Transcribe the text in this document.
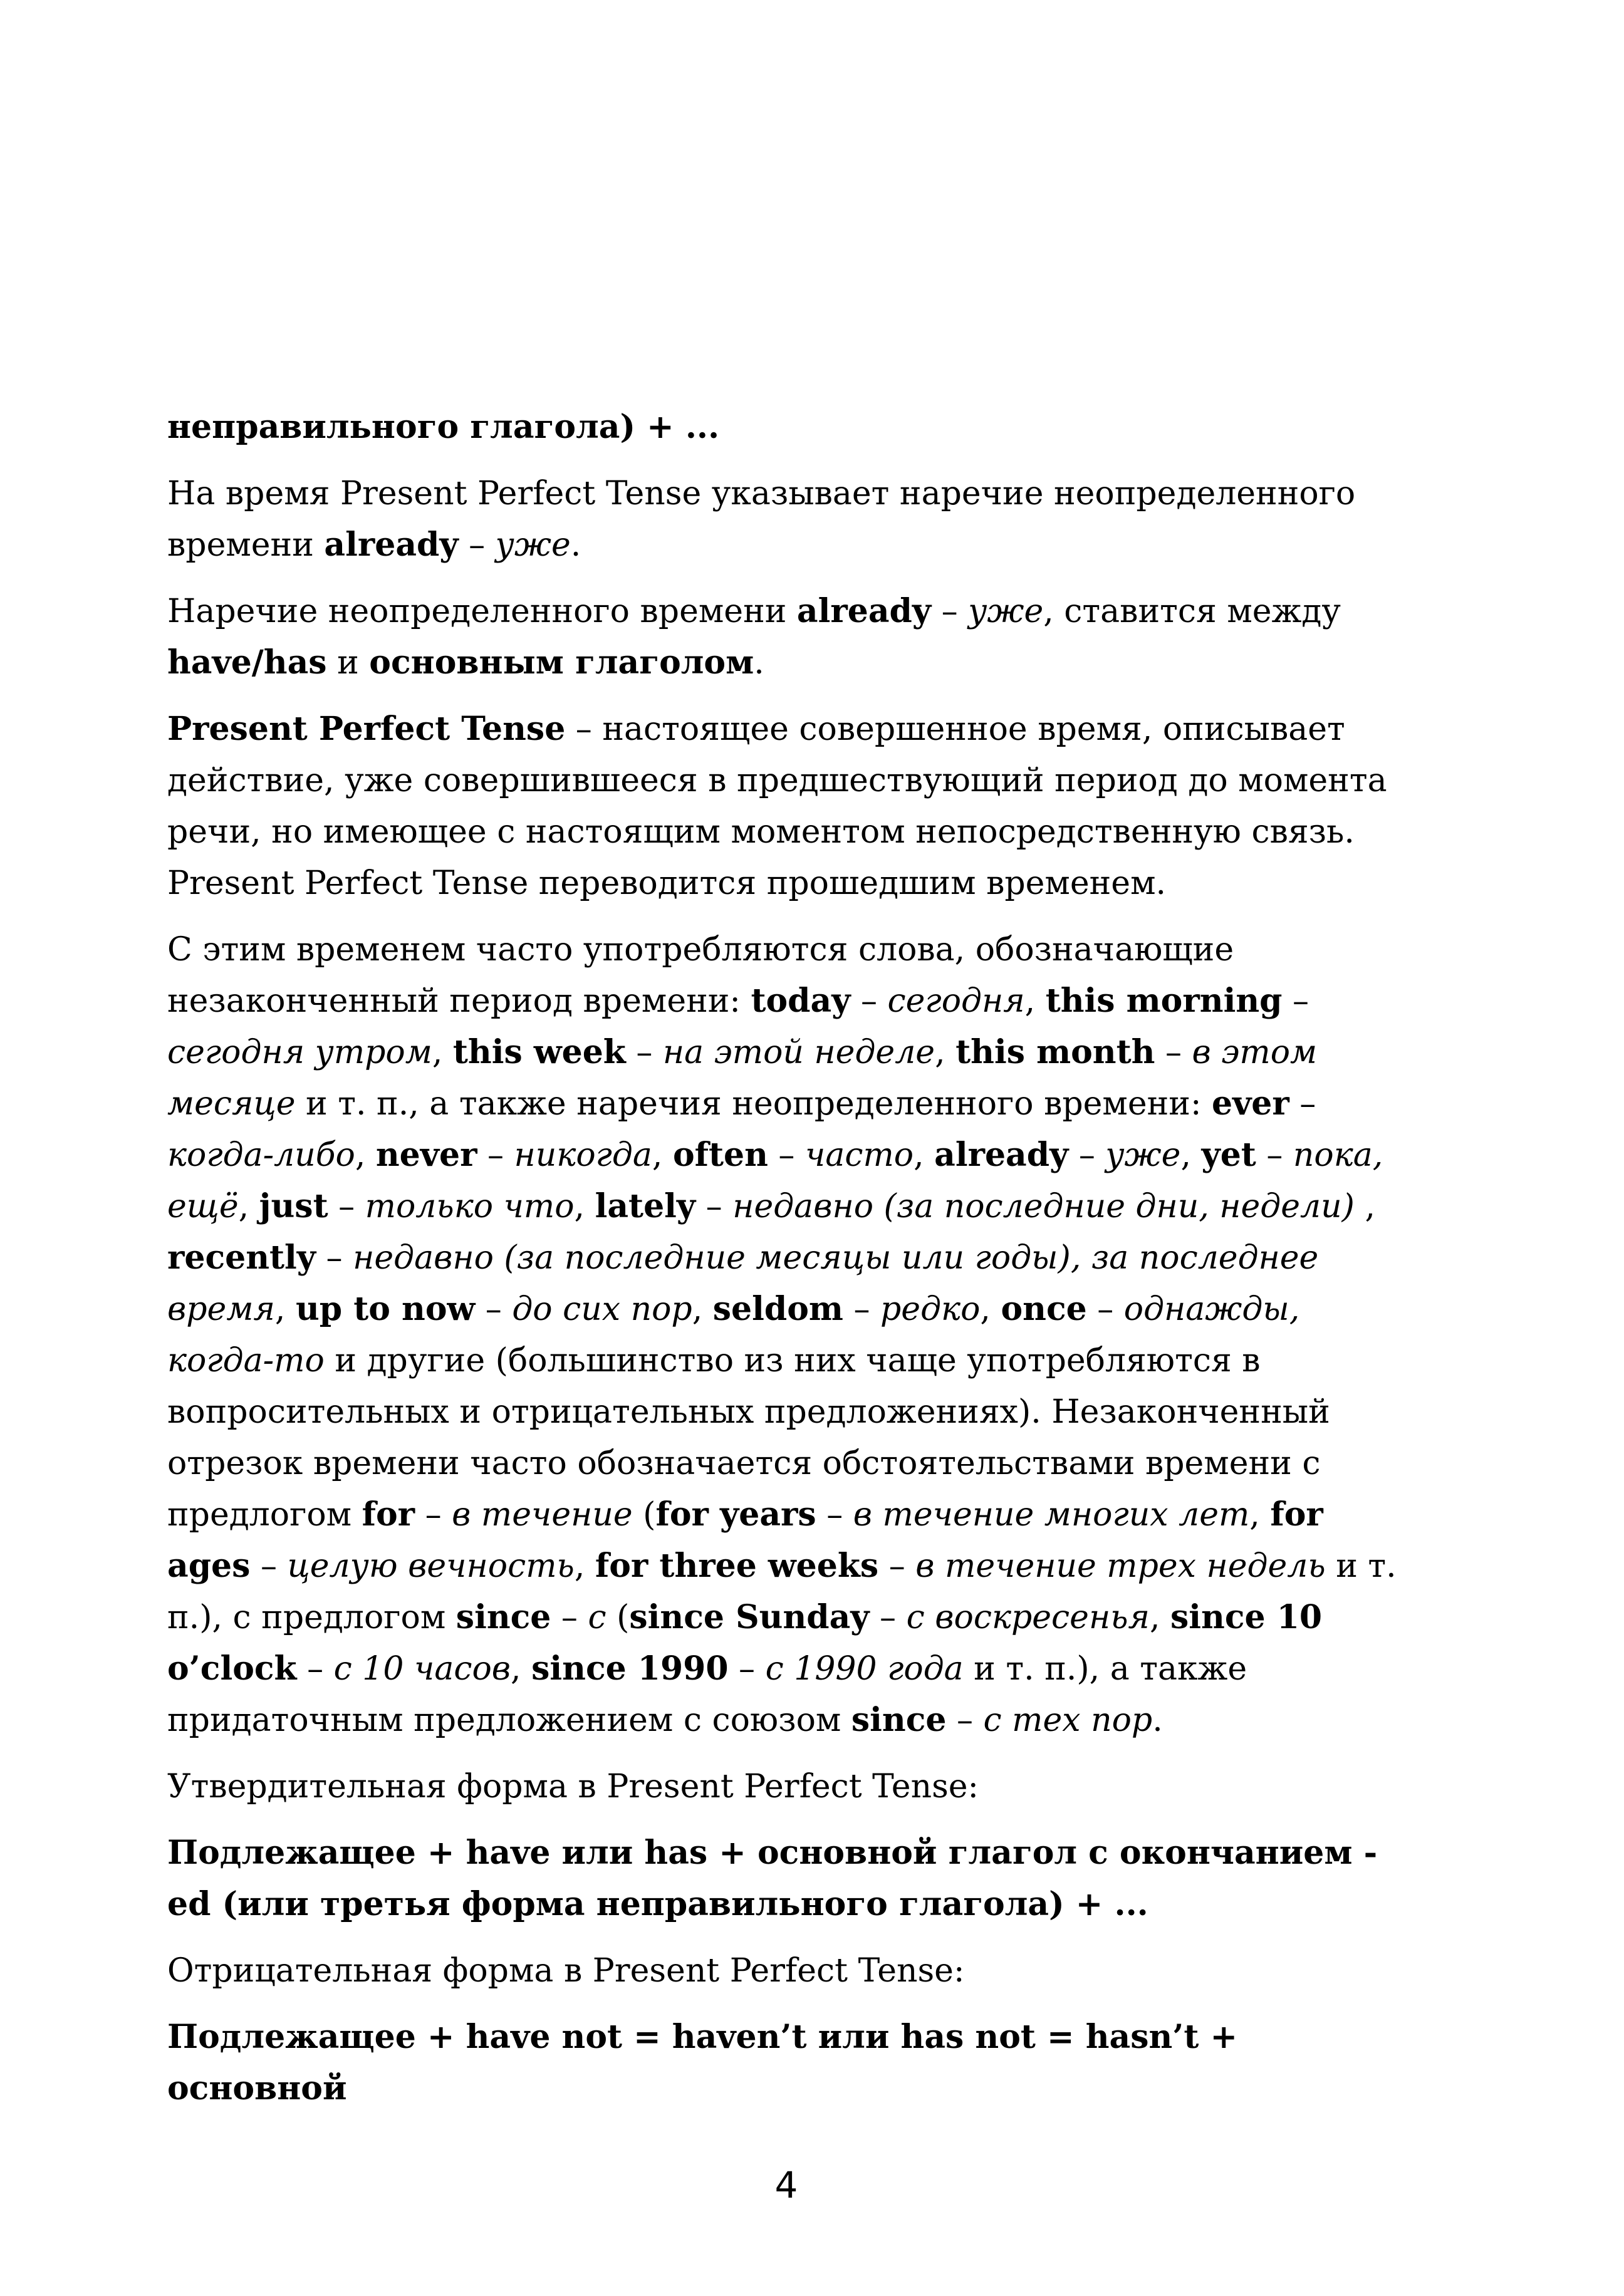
неправильного глагола) + ...

На время Present Perfect Tense указывает наречие неопределенного времени already – уже.

Наречие неопределенного времени already – уже, ставится между have/has и основным глаголом.

Present Perfect Tense – настоящее совершенное время, описывает действие, уже совершившееся в предшествующий период до момента речи, но имеющее с настоящим моментом непосредственную связь. Present Perfect Tense переводится прошедшим временем.

С этим временем часто употребляются слова, обозначающие незаконченный период времени: today – сегодня, this morning – сегодня утром, this week – на этой неделе, this month – в этом месяце и т. п., а также наречия неопределенного времени: ever – когда-либо, never – никогда, often – часто, already – уже, yet – пока, ещё, just – только что, lately – недавно (за последние дни, недели) , recently – недавно (за последние месяцы или годы), за последнее время, up to now – до сих пор, seldom – редко, once – однажды, когда-то и другие (большинство из них чаще употребляются в вопросительных и отрицательных предложениях). Незаконченный отрезок времени часто обозначается обстоятельствами времени с предлогом for – в течение (for years – в течение многих лет, for ages – целую вечность, for three weeks – в течение трех недель и т. п.), с предлогом since – с (since Sunday – с воскресенья, since 10 o’clock – с 10 часов, since 1990 – с 1990 года и т. п.), а также придаточным предложением с союзом since – с тех пор.

Утвердительная форма в Present Perfect Tense:

Подлежащее + have или has + основной глагол с окончанием -ed (или третья форма неправильного глагола) + ...

Отрицательная форма в Present Perfect Tense:

Подлежащее + have not = haven’t или has not = hasn’t + основной

4
